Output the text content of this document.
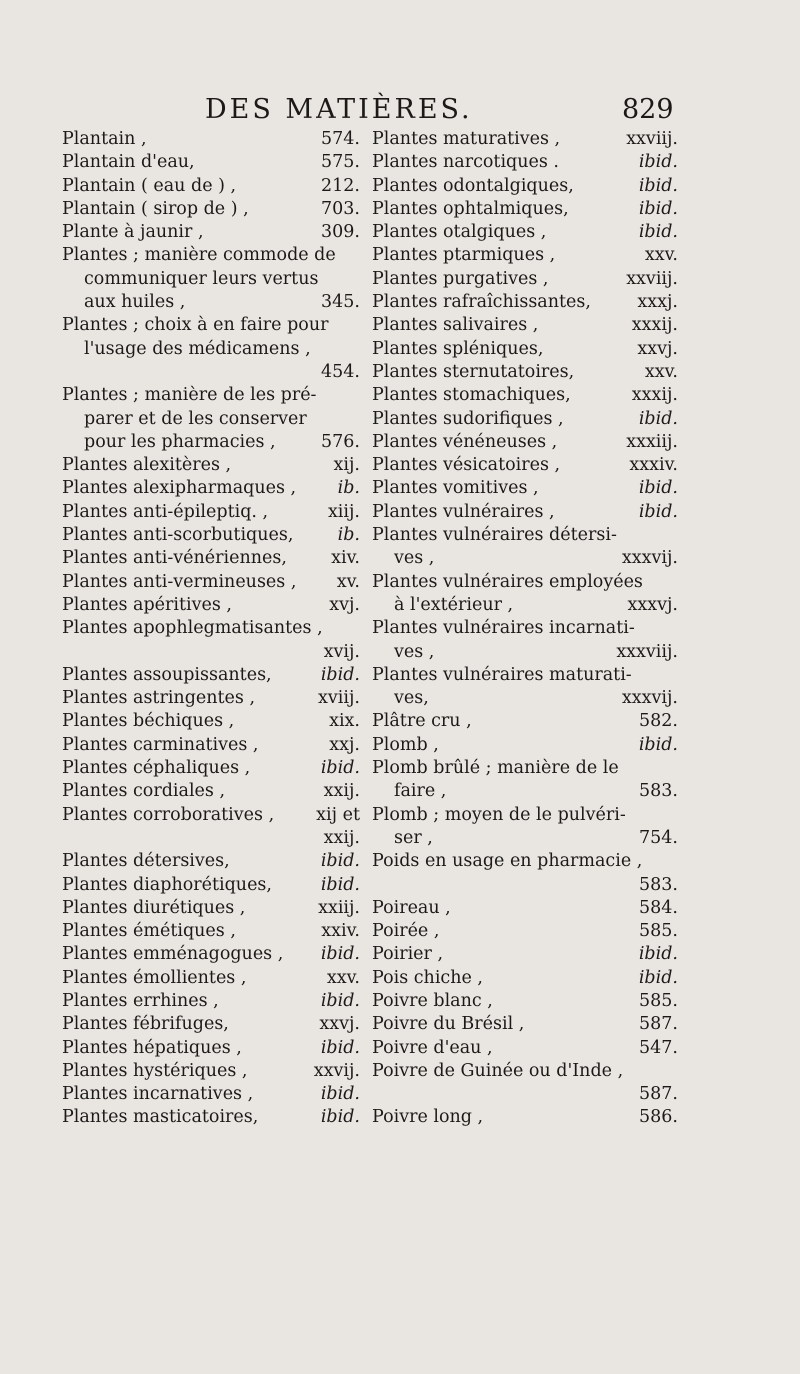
DES MATIÈRES.	829
Plantain ,	574.
Plantain d'eau,	575.
Plantain ( eau de ) ,	212.
Plantain ( sirop de ) ,	703.
Plante à jaunir ,	309.
Plantes ; manière commode de
communiquer leurs vertus
aux huiles ,	345.
Plantes ; choix à en faire pour
l'usage des médicamens ,
454.
Plantes ; manière de les pré-
parer et de les conserver
pour les pharmacies ,	576.
Plantes alexitères ,	xij.
Plantes alexipharmaques , ib.
Plantes anti-épileptiq. ,	xiij.
Plantes anti-scorbutiques,	ib.
Plantes anti-vénériennes,	xiv.
Plantes anti-vermineuses , xv.
Plantes apéritives ,	xvj.
Plantes apophlegmatisantes ,
xvij.
Plantes assoupissantes,	ibid.
Plantes astringentes ,	xviij.
Plantes béchiques ,	xix.
Plantes carminatives ,	xxj.
Plantes céphaliques ,	ibid.
Plantes cordiales ,	xxij.
Plantes corroboratives , xij et
xxij.
Plantes détersives,	ibid.
Plantes diaphorétiques,	ibid.
Plantes diurétiques ,	xxiij.
Plantes émétiques ,	xxiv.
Plantes emménagogues , ibid.
Plantes émollientes ,	xxv.
Plantes errhines ,	ibid.
Plantes fébrifuges,	xxvj.
Plantes hépatiques ,	ibid.
Plantes hystériques ,	xxvij.
Plantes incarnatives ,	ibid.
Plantes masticatoires,	ibid.
Plantes maturatives ,	xxviij.
Plantes narcotiques .	ibid.
Plantes odontalgiques,	ibid.
Plantes ophtalmiques,	ibid.
Plantes otalgiques ,	ibid.
Plantes ptarmiques ,	xxv.
Plantes purgatives ,	xxviij.
Plantes rafraîchissantes,	xxxj.
Plantes salivaires ,	xxxij.
Plantes spléniques,	xxvj.
Plantes sternutatoires,	xxv.
Plantes stomachiques,	xxxij.
Plantes sudorifiques ,	ibid.
Plantes vénéneuses ,	xxxiij.
Plantes vésicatoires ,	xxxiv.
Plantes vomitives ,	ibid.
Plantes vulnéraires ,	ibid.
Plantes vulnéraires détersi-
ves ,	xxxvij.
Plantes vulnéraires employées
à l'extérieur ,	xxxvj.
Plantes vulnéraires incarnati-
ves ,	xxxviij.
Plantes vulnéraires maturati-
ves,	xxxvij.
Plâtre cru ,	582.
Plomb ,	ibid.
Plomb brûlé ; manière de le
faire ,	583.
Plomb ; moyen de le pulvéri-
ser ,	754.
Poids en usage en pharmacie ,
583.
Poireau ,	584.
Poirée ,	585.
Poirier ,	ibid.
Pois chiche ,	ibid.
Poivre blanc ,	585.
Poivre du Brésil ,	587.
Poivre d'eau ,	547.
Poivre de Guinée ou d'Inde ,
587.
Poivre long ,	586.
